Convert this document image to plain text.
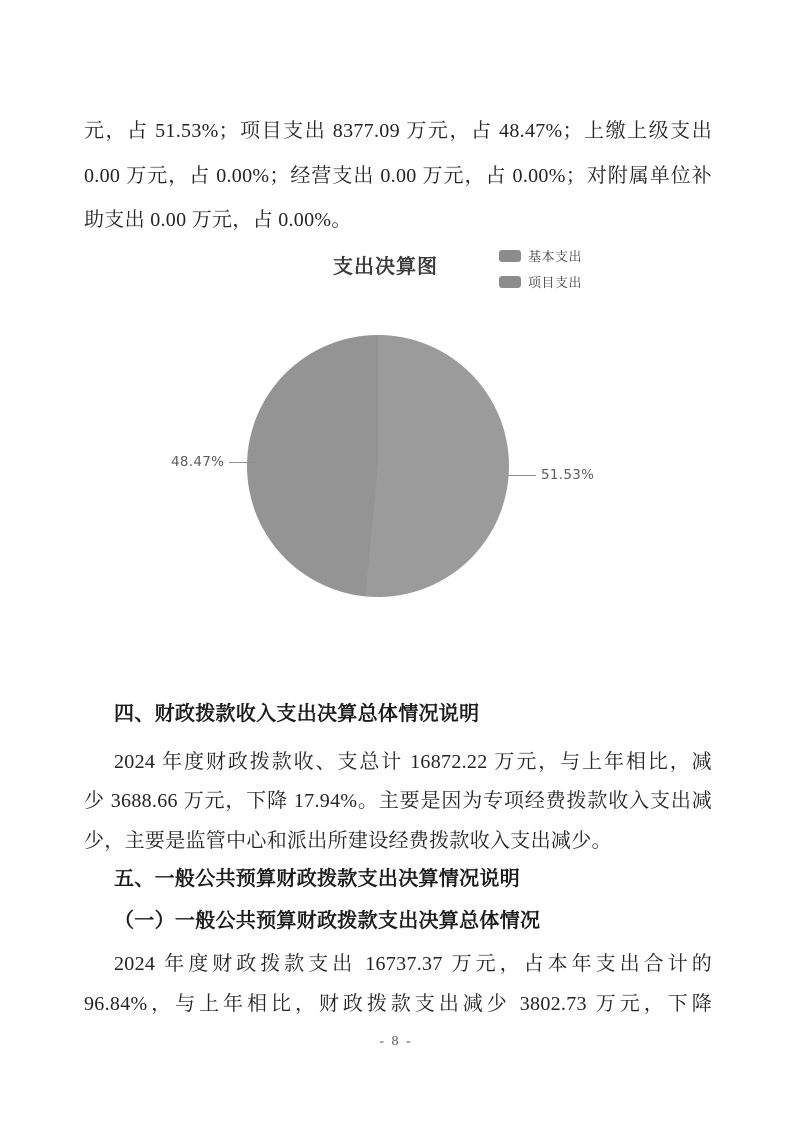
元，占 51.53%；项目支出 8377.09 万元，占 48.47%；上缴上级支出
0.00 万元，占 0.00%；经营支出 0.00 万元，占 0.00%；对附属单位补
助支出 0.00 万元，占 0.00%。
支出决算图	基本支出
项目支出
48.47%
51.53%
四、财政拨款收入支出决算总体情况说明
2024 年度财政拨款收、支总计 16872.22 万元，与上年相比，减
少 3688.66 万元，下降 17.94%。主要是因为专项经费拨款收入支出减
少，主要是监管中心和派出所建设经费拨款收入支出减少。
五、一般公共预算财政拨款支出决算情况说明
（一）一般公共预算财政拨款支出决算总体情况
2024 年度财政拨款支出 16737.37 万元，占本年支出合计的
96.84%，与上年相比，财政拨款支出减少 3802.73 万元，下降
- 8 -
